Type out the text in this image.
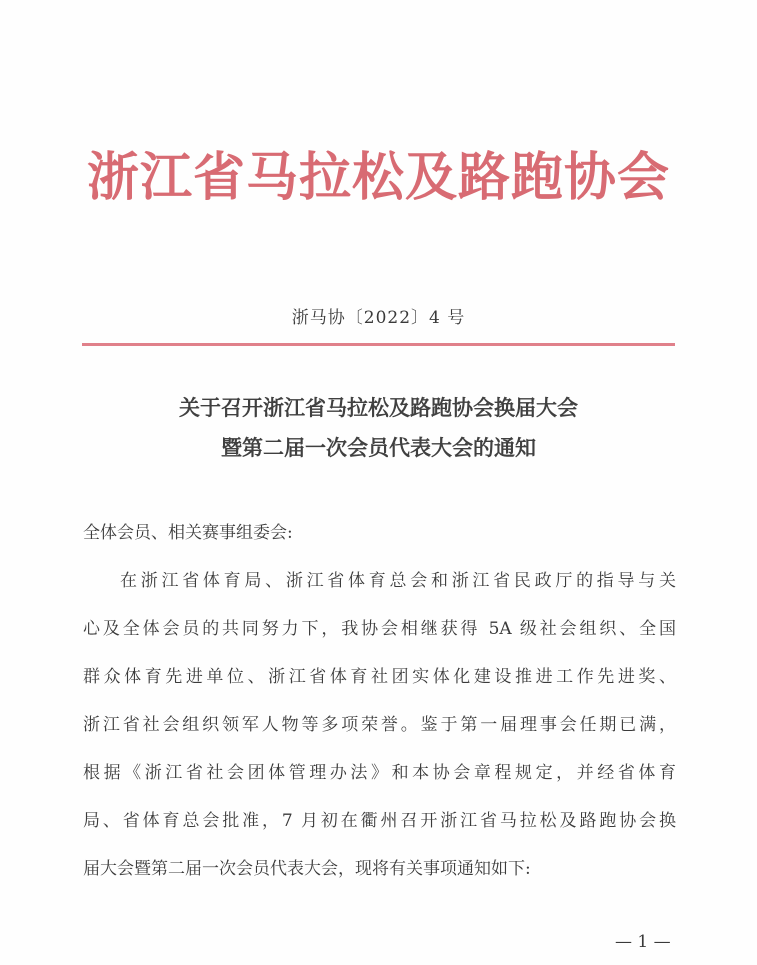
浙江省马拉松及路跑协会
浙马协〔2022〕4 号
关于召开浙江省马拉松及路跑协会换届大会
暨第二届一次会员代表大会的通知
全体会员、相关赛事组委会:
在浙江省体育局、浙江省体育总会和浙江省民政厅的指导与关
心及全体会员的共同努力下，我协会相继获得 5A 级社会组织、全国
群众体育先进单位、浙江省体育社团实体化建设推进工作先进奖、
浙江省社会组织领军人物等多项荣誉。鉴于第一届理事会任期已满，
根据《浙江省社会团体管理办法》和本协会章程规定，并经省体育
局、省体育总会批准，7 月初在衢州召开浙江省马拉松及路跑协会换
届大会暨第二届一次会员代表大会，现将有关事项通知如下:
— 1 —
